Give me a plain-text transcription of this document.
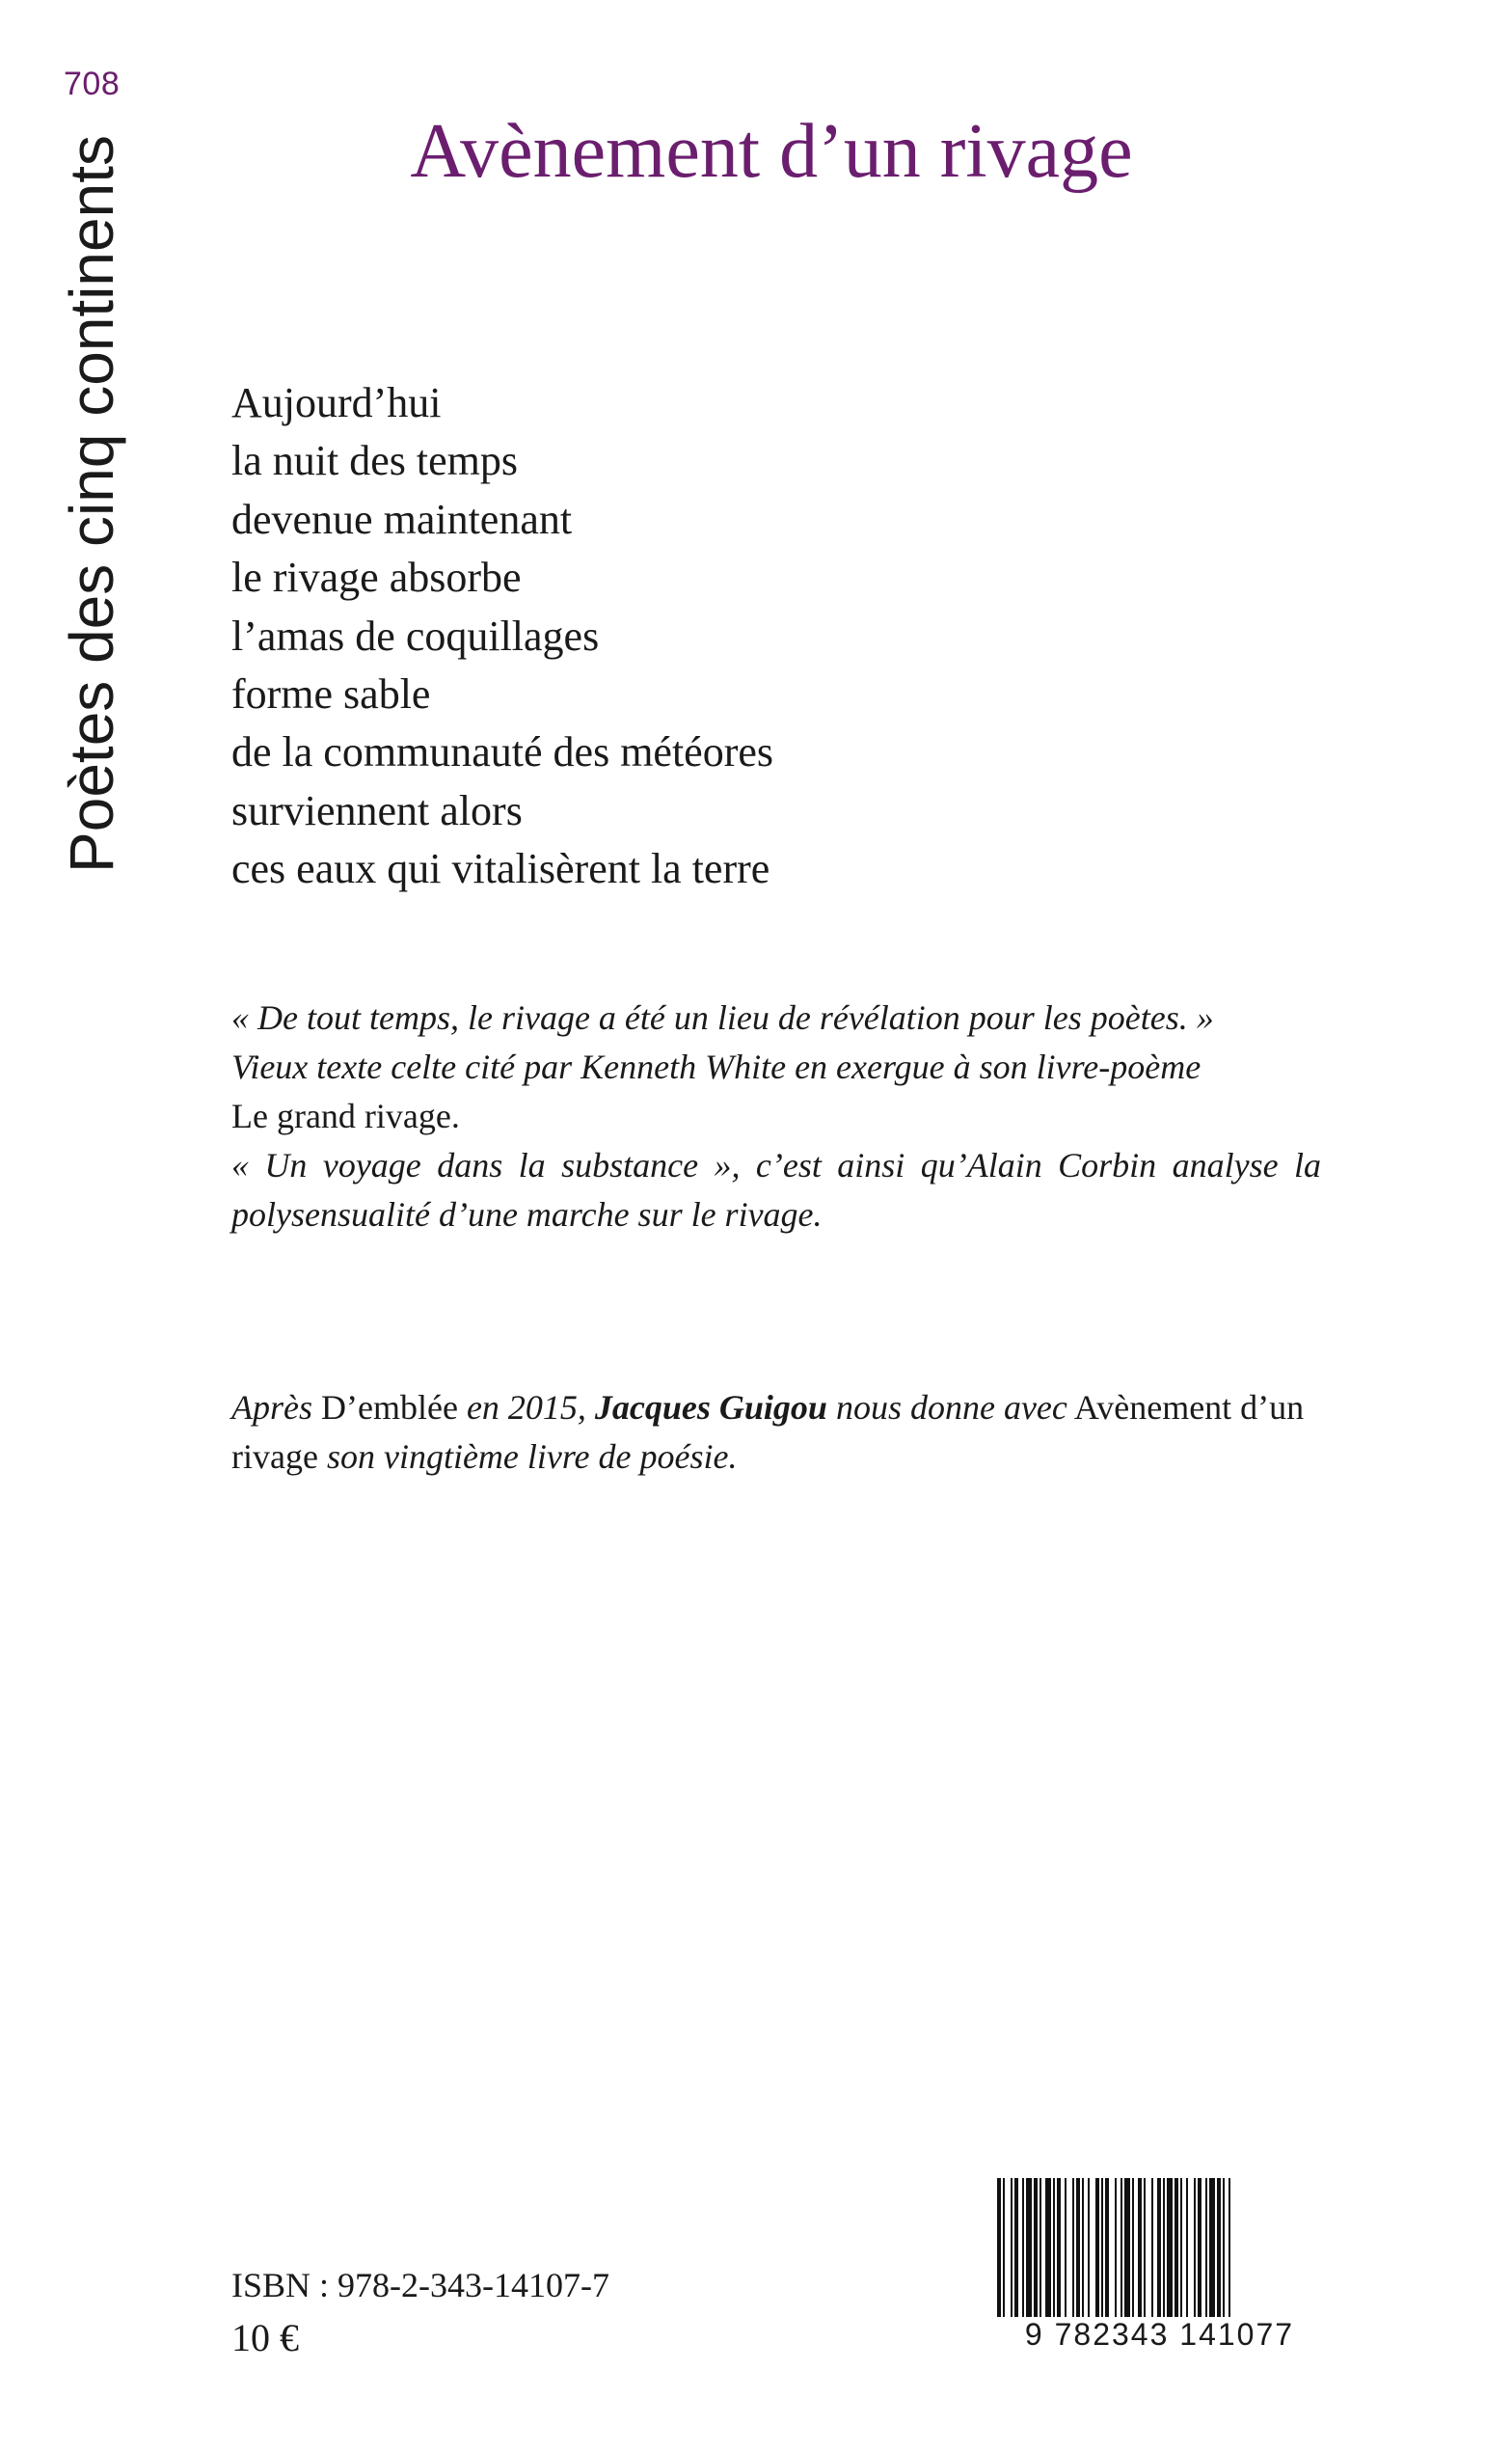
708
Poètes des cinq continents	Avènement d’un rivage
Aujourd’hui
la nuit des temps
devenue maintenant
le rivage absorbe
l’amas de coquillages
forme sable
de la communauté des météores
surviennent alors
ces eaux qui vitalisèrent la terre

« De tout temps, le rivage a été un lieu de révélation pour les poètes. »

Vieux texte celte cité par Kenneth White en exergue à son livre-poème

Le grand rivage.

« Un voyage dans la substance », c’est ainsi qu’Alain Corbin analyse la polysensualité d’une marche sur le rivage.

Après D’emblée en 2015, Jacques Guigou nous donne avec Avènement d’un rivage son vingtième livre de poésie.

ISBN : 978-2-343-14107-7
10 €	9 782343 141077
